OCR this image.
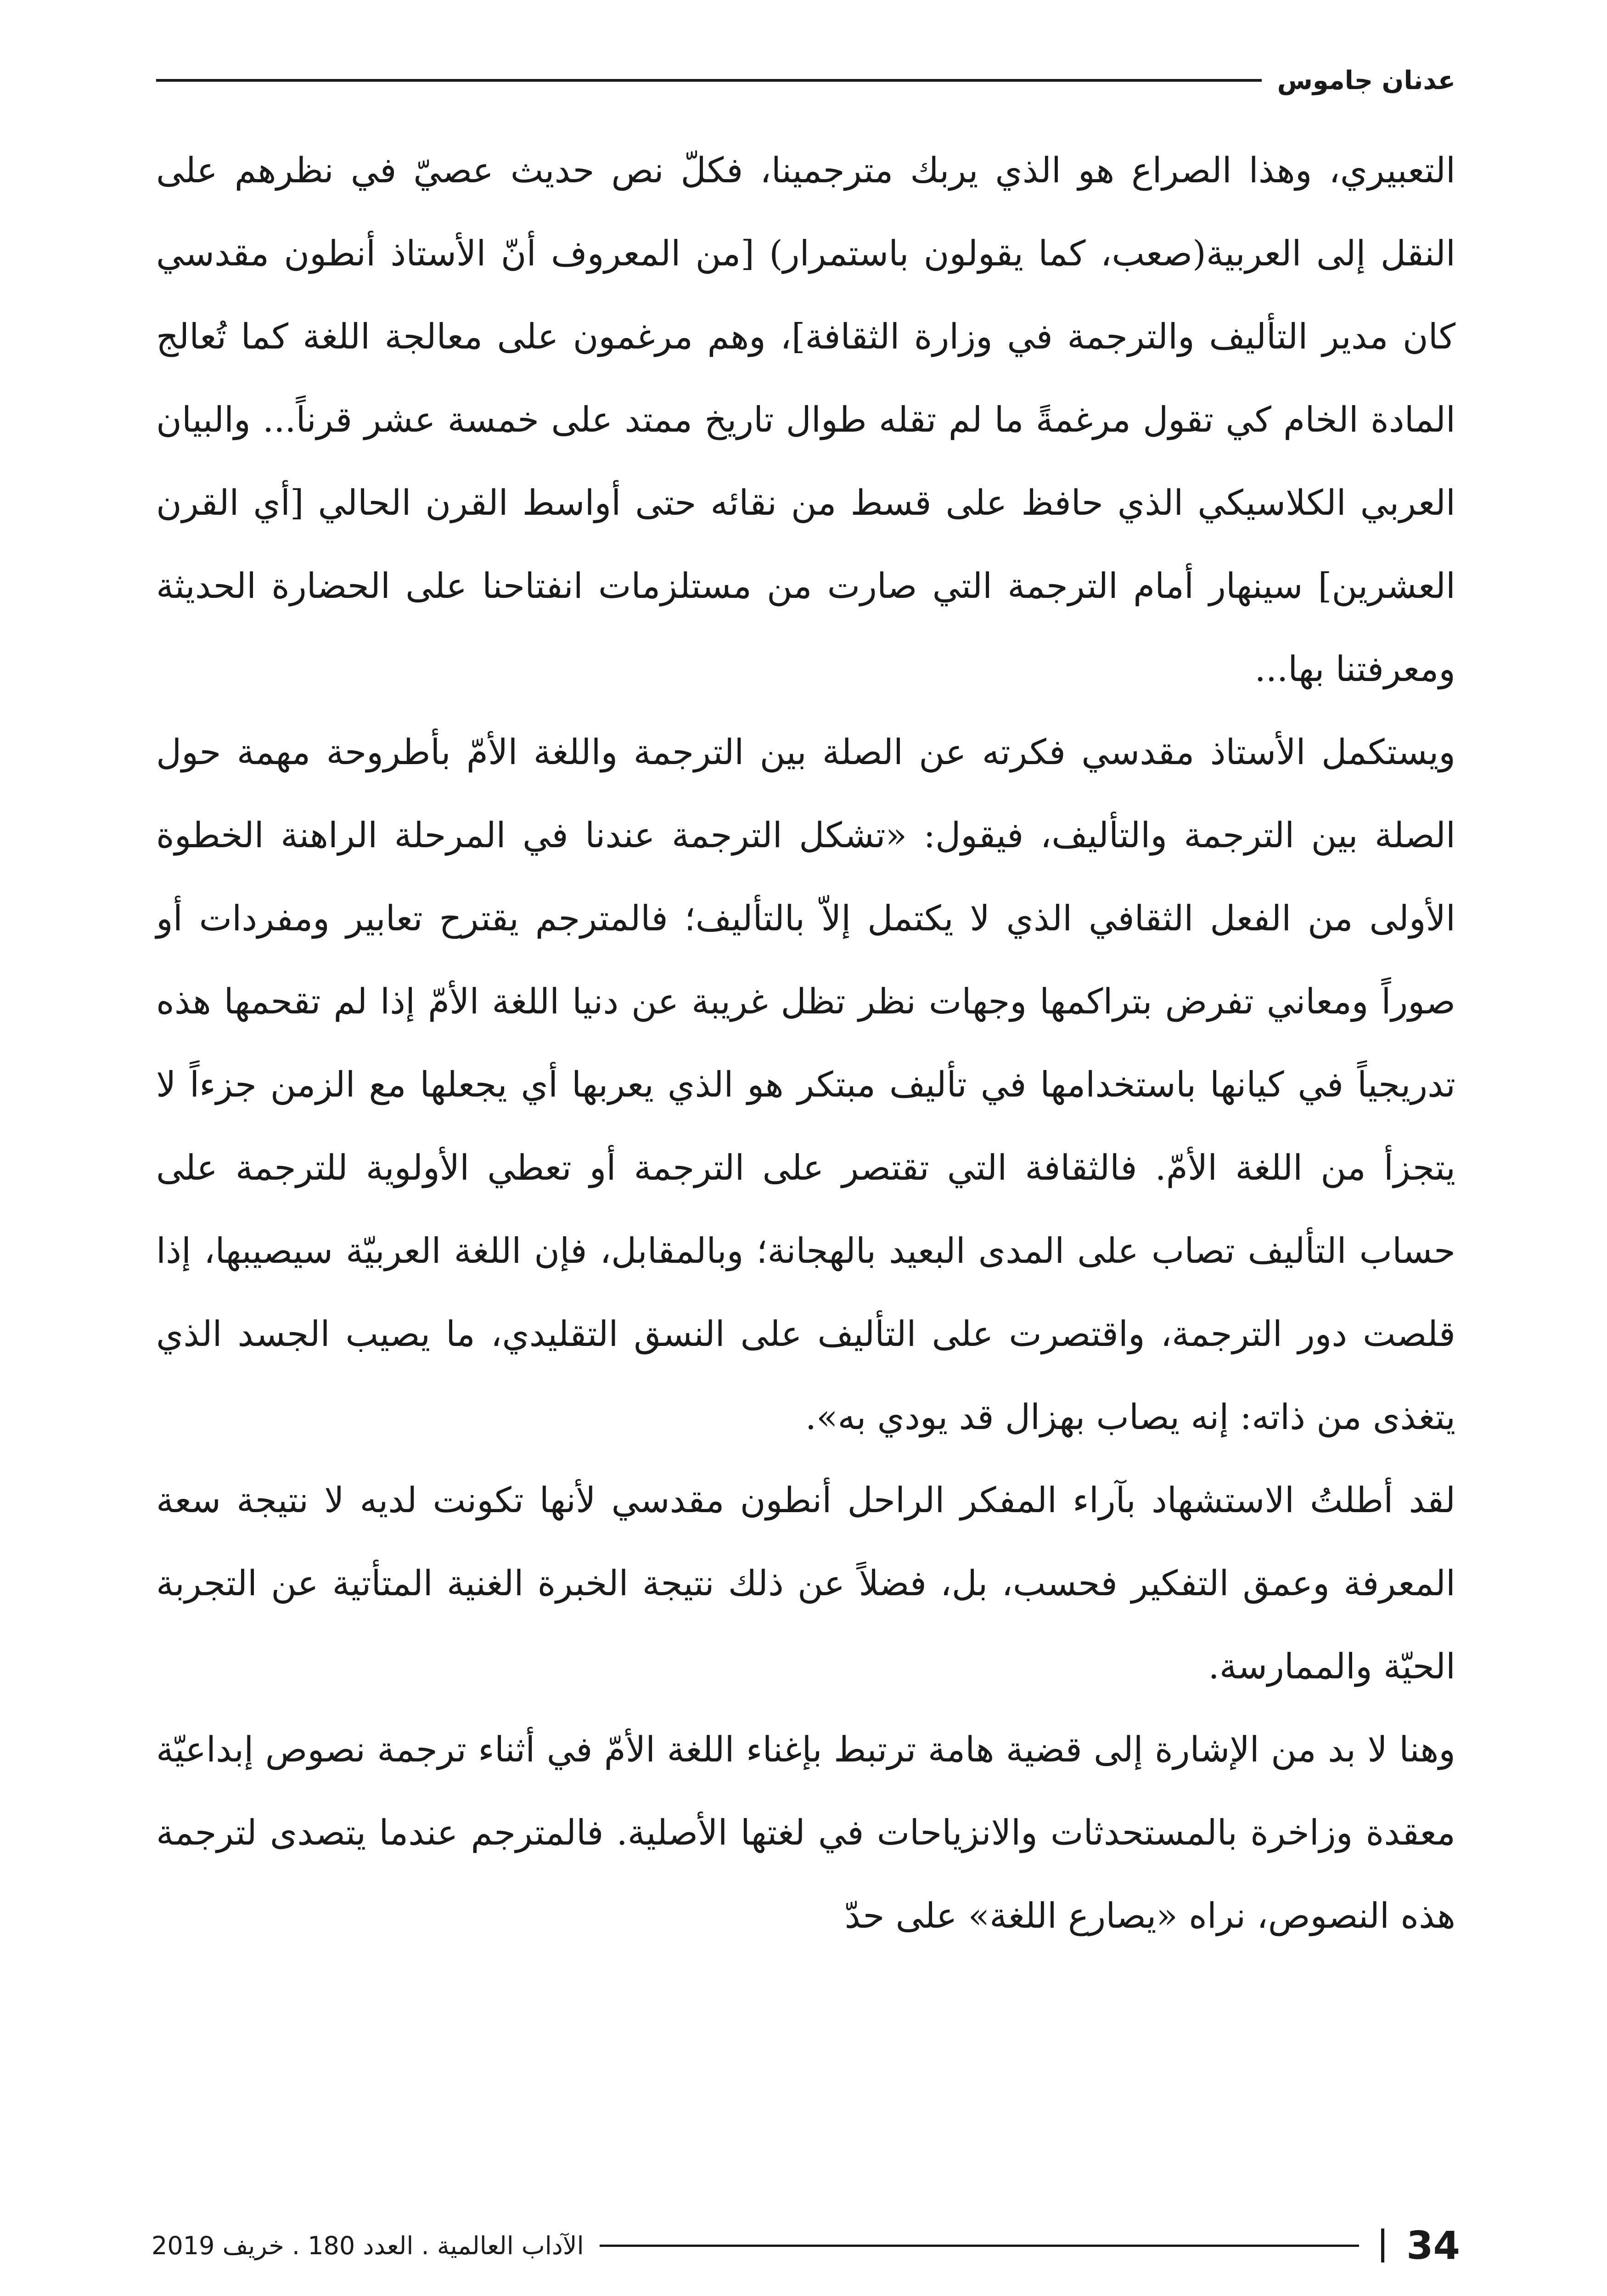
عدنان جاموس

التعبيري، وهذا الصراع هو الذي يربك مترجمينا، فكلّ نص حديث عصيّ في نظرهم على النقل إلى العربية(صعب، كما يقولون باستمرار) [من المعروف أنّ الأستاذ أنطون مقدسي كان مدير التأليف والترجمة في وزارة الثقافة]، وهم مرغمون على معالجة اللغة كما تُعالج المادة الخام كي تقول مرغمةً ما لم تقله طوال تاريخ ممتد على خمسة عشر قرناً... والبيان العربي الكلاسيكي الذي حافظ على قسط من نقائه حتى أواسط القرن الحالي [أي القرن العشرين] سينهار أمام الترجمة التي صارت من مستلزمات انفتاحنا على الحضارة الحديثة ومعرفتنا بها...

ويستكمل الأستاذ مقدسي فكرته عن الصلة بين الترجمة واللغة الأمّ بأطروحة مهمة حول الصلة بين الترجمة والتأليف، فيقول: «تشكل الترجمة عندنا في المرحلة الراهنة الخطوة الأولى من الفعل الثقافي الذي لا يكتمل إلاّ بالتأليف؛ فالمترجم يقترح تعابير ومفردات أو صوراً ومعاني تفرض بتراكمها وجهات نظر تظل غريبة عن دنيا اللغة الأمّ إذا لم تقحمها هذه تدريجياً في كيانها باستخدامها في تأليف مبتكر هو الذي يعربها أي يجعلها مع الزمن جزءاً لا يتجزأ من اللغة الأمّ. فالثقافة التي تقتصر على الترجمة أو تعطي الأولوية للترجمة على حساب التأليف تصاب على المدى البعيد بالهجانة؛ وبالمقابل، فإن اللغة العربيّة سيصيبها، إذا قلصت دور الترجمة، واقتصرت على التأليف على النسق التقليدي، ما يصيب الجسد الذي يتغذى من ذاته: إنه يصاب بهزال قد يودي به».

لقد أطلتُ الاستشهاد بآراء المفكر الراحل أنطون مقدسي لأنها تكونت لديه لا نتيجة سعة المعرفة وعمق التفكير فحسب، بل، فضلاً عن ذلك نتيجة الخبرة الغنية المتأتية عن التجربة الحيّة والممارسة.

وهنا لا بد من الإشارة إلى قضية هامة ترتبط بإغناء اللغة الأمّ في أثناء ترجمة نصوص إبداعيّة معقدة وزاخرة بالمستحدثات والانزياحات في لغتها الأصلية. فالمترجم عندما يتصدى لترجمة هذه النصوص، نراه «يصارع اللغة» على حدّ

34
الآداب العالمية . العدد 180 . خريف 2019
